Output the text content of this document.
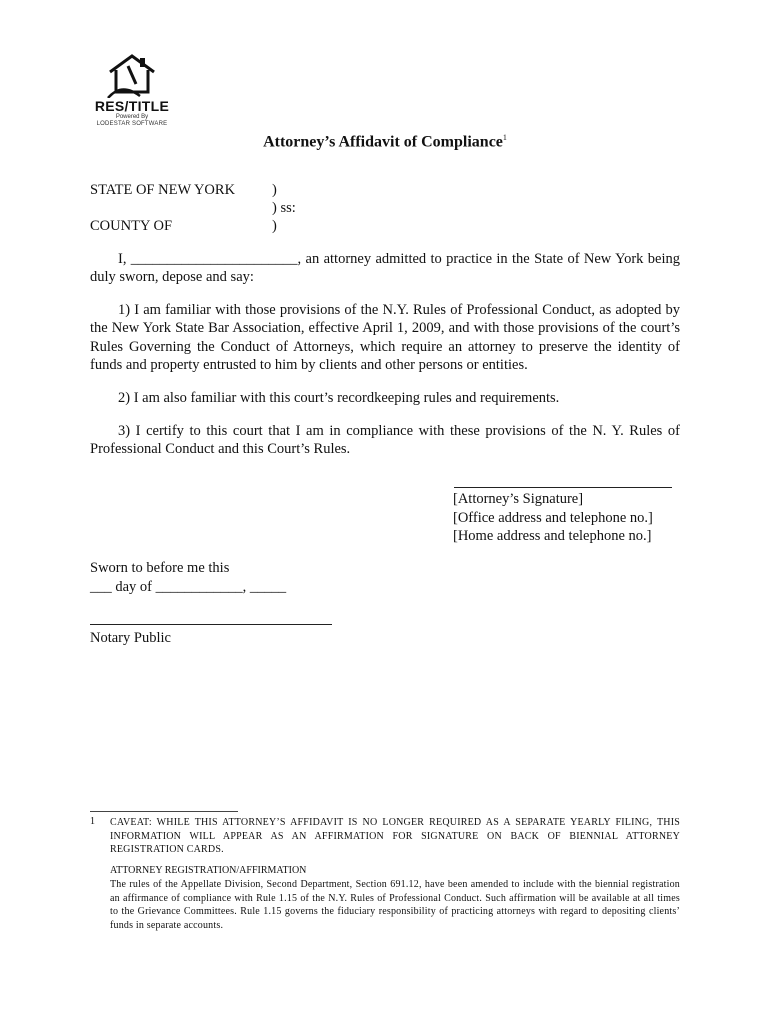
RES/TITLE
Powered By
LODESTAR SOFTWARE
Attorney’s Affidavit of Compliance$^1$
STATE OF NEW YORK
COUNTY OF
)
) ss:
)
I, _______________________, an attorney admitted to practice in the State of New York being duly sworn, depose and say:
1) I am familiar with those provisions of the N.Y. Rules of Professional Conduct, as adopted by the New York State Bar Association, effective April 1, 2009, and with those provisions of the court’s Rules Governing the Conduct of Attorneys, which require an attorney to preserve the identity of funds and property entrusted to him by clients and other persons or entities.
2) I am also familiar with this court’s recordkeeping rules and requirements.
3) I certify to this court that I am in compliance with these provisions of the N. Y. Rules of Professional Conduct and this Court’s Rules.
[Attorney’s Signature]
[Office address and telephone no.]
[Home address and telephone no.]
Sworn to before me this
___ day of ____________, _____
Notary Public
1 CAVEAT: WHILE THIS ATTORNEY’S AFFIDAVIT IS NO LONGER REQUIRED AS A SEPARATE YEARLY FILING, THIS INFORMATION WILL APPEAR AS AN AFFIRMATION FOR SIGNATURE ON BACK OF BIENNIAL ATTORNEY REGISTRATION CARDS.
ATTORNEY REGISTRATION/AFFIRMATION
The rules of the Appellate Division, Second Department, Section 691.12, have been amended to include with the biennial registration an affirmance of compliance with Rule 1.15 of the N.Y. Rules of Professional Conduct. Such affirmation will be available at all times to the Grievance Committees. Rule 1.15 governs the fiduciary responsibility of practicing attorneys with regard to depositing clients’ funds in separate accounts.
